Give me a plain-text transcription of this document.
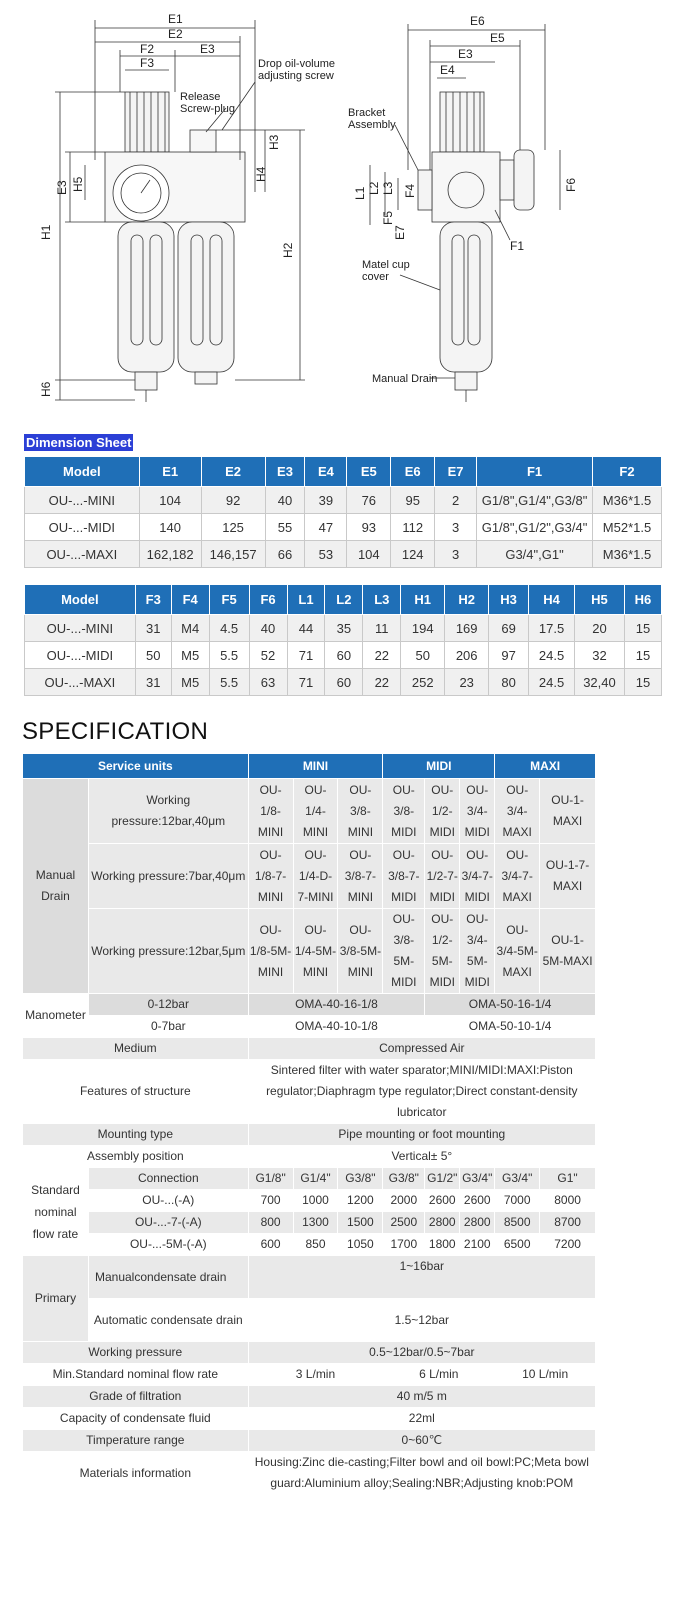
E1
E2
F2
F3
E3
Drop oil-volume
adjusting screw
Release
Screw-plug
H3
H4
H5
E3
H1
H2
H6
E6
E5
E3
E4
Bracket
Assembly
L1 L2 L3 F4
F5
E7
F6
F1
Matel cup
cover
Manual Drain
Dimension Sheet
Model	E1	E2	E3	E4	E5	E6	E7	F1	F2
OU-...-MINI	104	92	40	39	76	95	2	G1/8",G1/4",G3/8"	M36*1.5
OU-...-MIDI	140	125	55	47	93	112	3	G1/8",G1/2",G3/4"	M52*1.5
OU-...-MAXI	162,182	146,157	66	53	104	124	3	G3/4",G1"	M36*1.5
Model	F3	F4	F5	F6	L1	L2	L3	H1	H2	H3	H4	H5	H6
OU-...-MINI	31	M4	4.5	40	44	35	11	194	169	69	17.5	20	15
OU-...-MIDI	50	M5	5.5	52	71	60	22	50	206	97	24.5	32	15
OU-...-MAXI	31	M5	5.5	63	71	60	22	252	23	80	24.5	32,40	15
SPECIFICATION
Service units		MINI			MIDI			MAXI	
Manual Drain	Working pressure:12bar,40μm	OU-1/8-MINI	OU-1/4-MINI	OU-3/8-MINI	OU-3/8-MIDI	OU-1/2-MIDI	OU-3/4-MIDI	OU-3/4-MAXI	OU-1-MAXI
	Working pressure:7bar,40μm	OU-1/8-7-MINI	OU-1/4-D-7-MINI	OU-3/8-7-MINI	OU-3/8-7-MIDI	OU-1/2-7-MIDI	OU-3/4-7-MIDI	OU-3/4-7-MAXI	OU-1-7-MAXI
	Working pressure:12bar,5μm	OU-1/8-5M-MINI	OU-1/4-5M-MINI	OU-3/8-5M-MINI	OU-3/8-5M-MIDI	OU-1/2-5M-MIDI	OU-3/4-5M-MIDI	OU-3/4-5M-MAXI	OU-1-5M-MAXI
Manometer	0-12bar	OMA-40-16-1/8				OMA-50-16-1/4			
	0-7bar	OMA-40-10-1/8				OMA-50-10-1/4			
Medium		Compressed Air							
Features of structure		Sintered filter with water sparator;MINI/MIDI:MAXI:Piston regulator;Diaphragm type regulator;Direct constant-density lubricator							
Mounting type		Pipe mounting or foot mounting							
Assembly position		Vertical± 5°							
Standard nominal flow rate	Connection	G1/8"	G1/4"	G3/8"	G3/8"	G1/2"	G3/4"	G3/4"	G1"
	OU-...(-A)	700	1000	1200	2000	2600	2600	7000	8000
	OU-...-7-(-A)	800	1300	1500	2500	2800	2800	8500	8700
	OU-...-5M-(-A)	600	850	1050	1700	1800	2100	6500	7200
Primary	Manualcondensate drain	1~16bar							
	Automatic condensate drain	1.5~12bar							
Working pressure		0.5~12bar/0.5~7bar							
Min.Standard nominal flow rate		3 L/min			6 L/min			10 L/min	
Grade of filtration		40 m/5 m							
Capacity of condensate fluid		22ml							
Timperature range		0~60℃							
Materials information		Housing:Zinc die-casting;Filter bowl and oil bowl:PC;Meta bowl guard:Aluminium alloy;Sealing:NBR;Adjusting knob:POM							
